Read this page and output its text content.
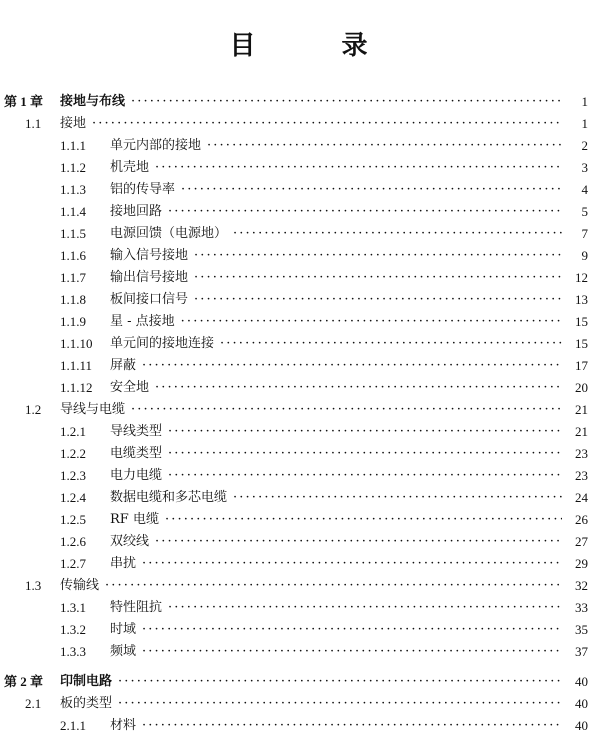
目　录
第 1 章	接地与布线 · · ·	1
1.1	接地 · · ·	1
1.1.1	单元内部的接地 · · ·	2
1.1.2	机壳地 · · ·	3
1.1.3	铝的传导率 · · ·	4
1.1.4	接地回路 · · ·	5
1.1.5	电源回馈（电源地） · · ·	7
1.1.6	输入信号接地 · · ·	9
1.1.7	输出信号接地 · · ·	12
1.1.8	板间接口信号 · · ·	13
1.1.9	星 - 点接地 · · ·	15
1.1.10	单元间的接地连接 · · ·	15
1.1.11	屏蔽 · · ·	17
1.1.12	安全地 · · ·	20
1.2	导线与电缆 · · ·	21
1.2.1	导线类型 · · ·	21
1.2.2	电缆类型 · · ·	23
1.2.3	电力电缆 · · ·	23
1.2.4	数据电缆和多芯电缆 · · ·	24
1.2.5	RF 电缆 · · ·	26
1.2.6	双绞线 · · ·	27
1.2.7	串扰 · · ·	29
1.3	传输线 · · ·	32
1.3.1	特性阻抗 · · ·	33
1.3.2	时域 · · ·	35
1.3.3	频域 · · ·	37
第 2 章	印制电路 · · ·	40
2.1	板的类型 · · ·	40
2.1.1	材料 · · ·	40
